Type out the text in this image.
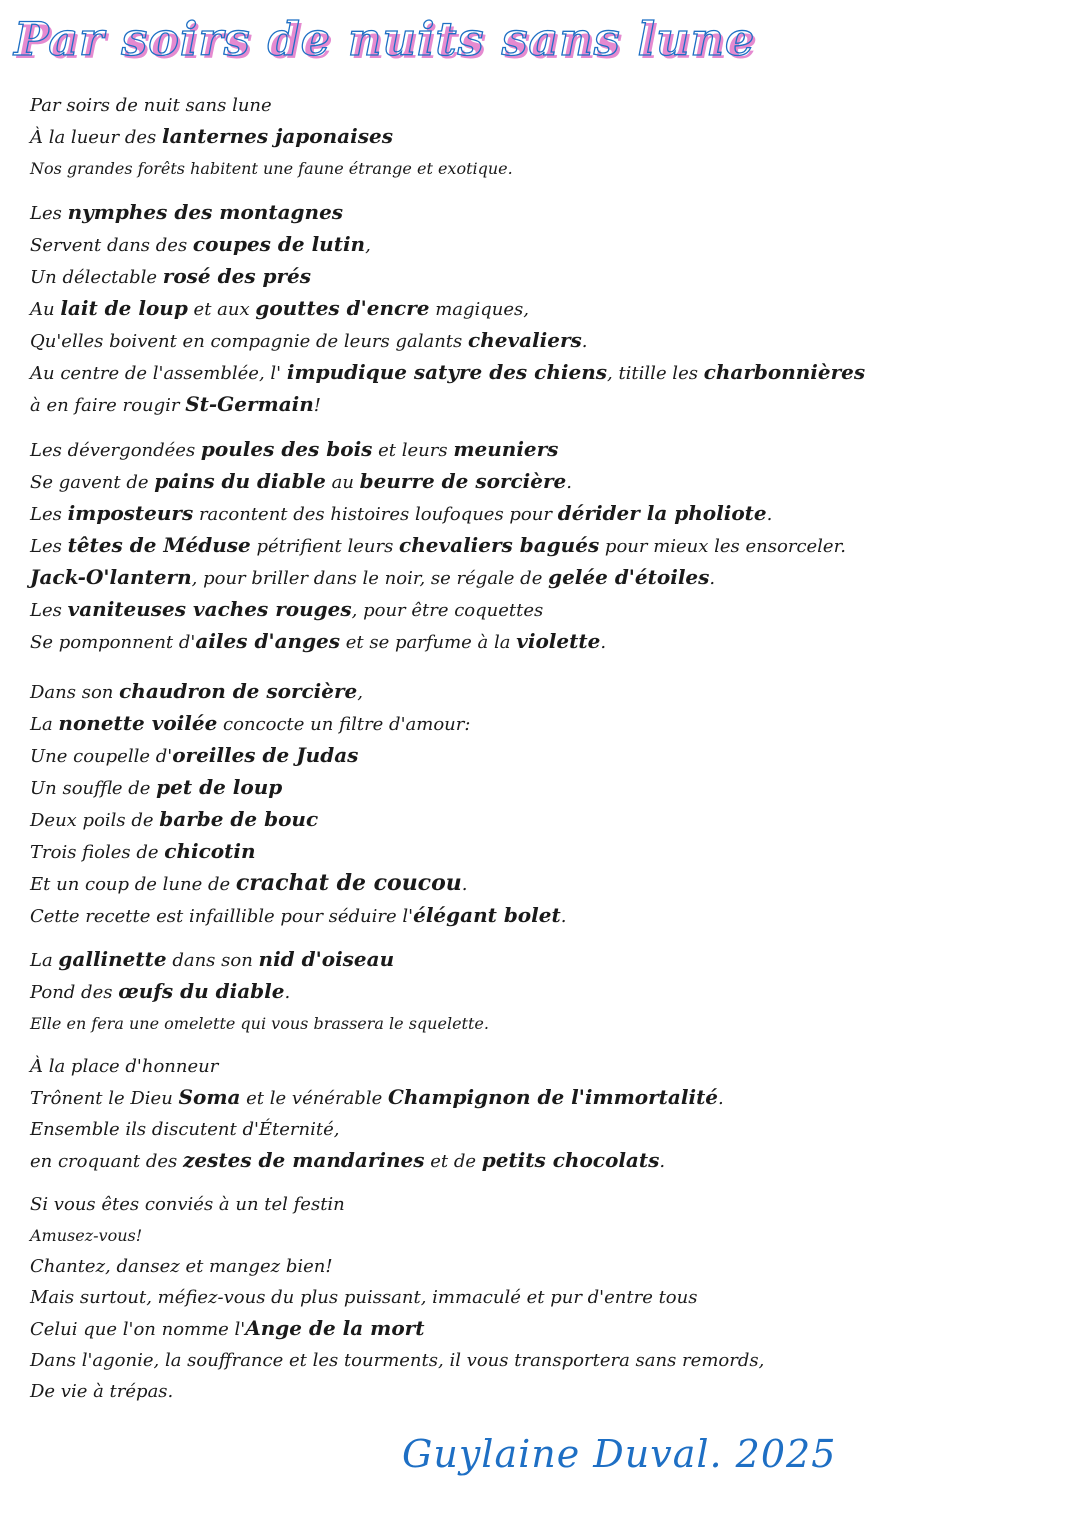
Par soirs de nuits sans lune
Par soirs de nuit sans lune
À la lueur des lanternes japonaises
Nos grandes forêts habitent une faune étrange et exotique.
Les nymphes des montagnes
Servent dans des coupes de lutin,
Un délectable rosé des prés
Au lait de loup et aux gouttes d'encre magiques,
Qu'elles boivent en compagnie de leurs galants chevaliers.
Au centre de l'assemblée, l' impudique satyre des chiens, titille les charbonnières
à en faire rougir St-Germain!
Les dévergondées poules des bois et leurs meuniers
Se gavent de pains du diable au beurre de sorcière.
Les imposteurs racontent des histoires loufoques pour dérider la pholiote.
Les têtes de Méduse pétrifient leurs chevaliers bagués pour mieux les ensorceler.
Jack-O'lantern, pour briller dans le noir, se régale de gelée d'étoiles.
Les vaniteuses vaches rouges, pour être coquettes
Se pomponnent d'ailes d'anges et se parfume à la violette.
Dans son chaudron de sorcière,
La nonette voilée concocte un filtre d'amour:
Une coupelle d'oreilles de Judas
Un souffle de pet de loup
Deux poils de barbe de bouc
Trois fioles de chicotin
Et un coup de lune de crachat de coucou.
Cette recette est infaillible pour séduire l'élégant bolet.
La gallinette dans son nid d'oiseau
Pond des œufs du diable.
Elle en fera une omelette qui vous brassera le squelette.
À la place d'honneur
Trônent le Dieu Soma et le vénérable Champignon de l'immortalité.
Ensemble ils discutent d'Éternité,
en croquant des zestes de mandarines et de petits chocolats.
Si vous êtes conviés à un tel festin
Amusez-vous!
Chantez, dansez et mangez bien!
Mais surtout, méfiez-vous du plus puissant, immaculé et pur d'entre tous
Celui que l'on nomme l'Ange de la mort
Dans l'agonie, la souffrance et les tourments, il vous transportera sans remords,
De vie à trépas.

Guylaine Duval. 2025
